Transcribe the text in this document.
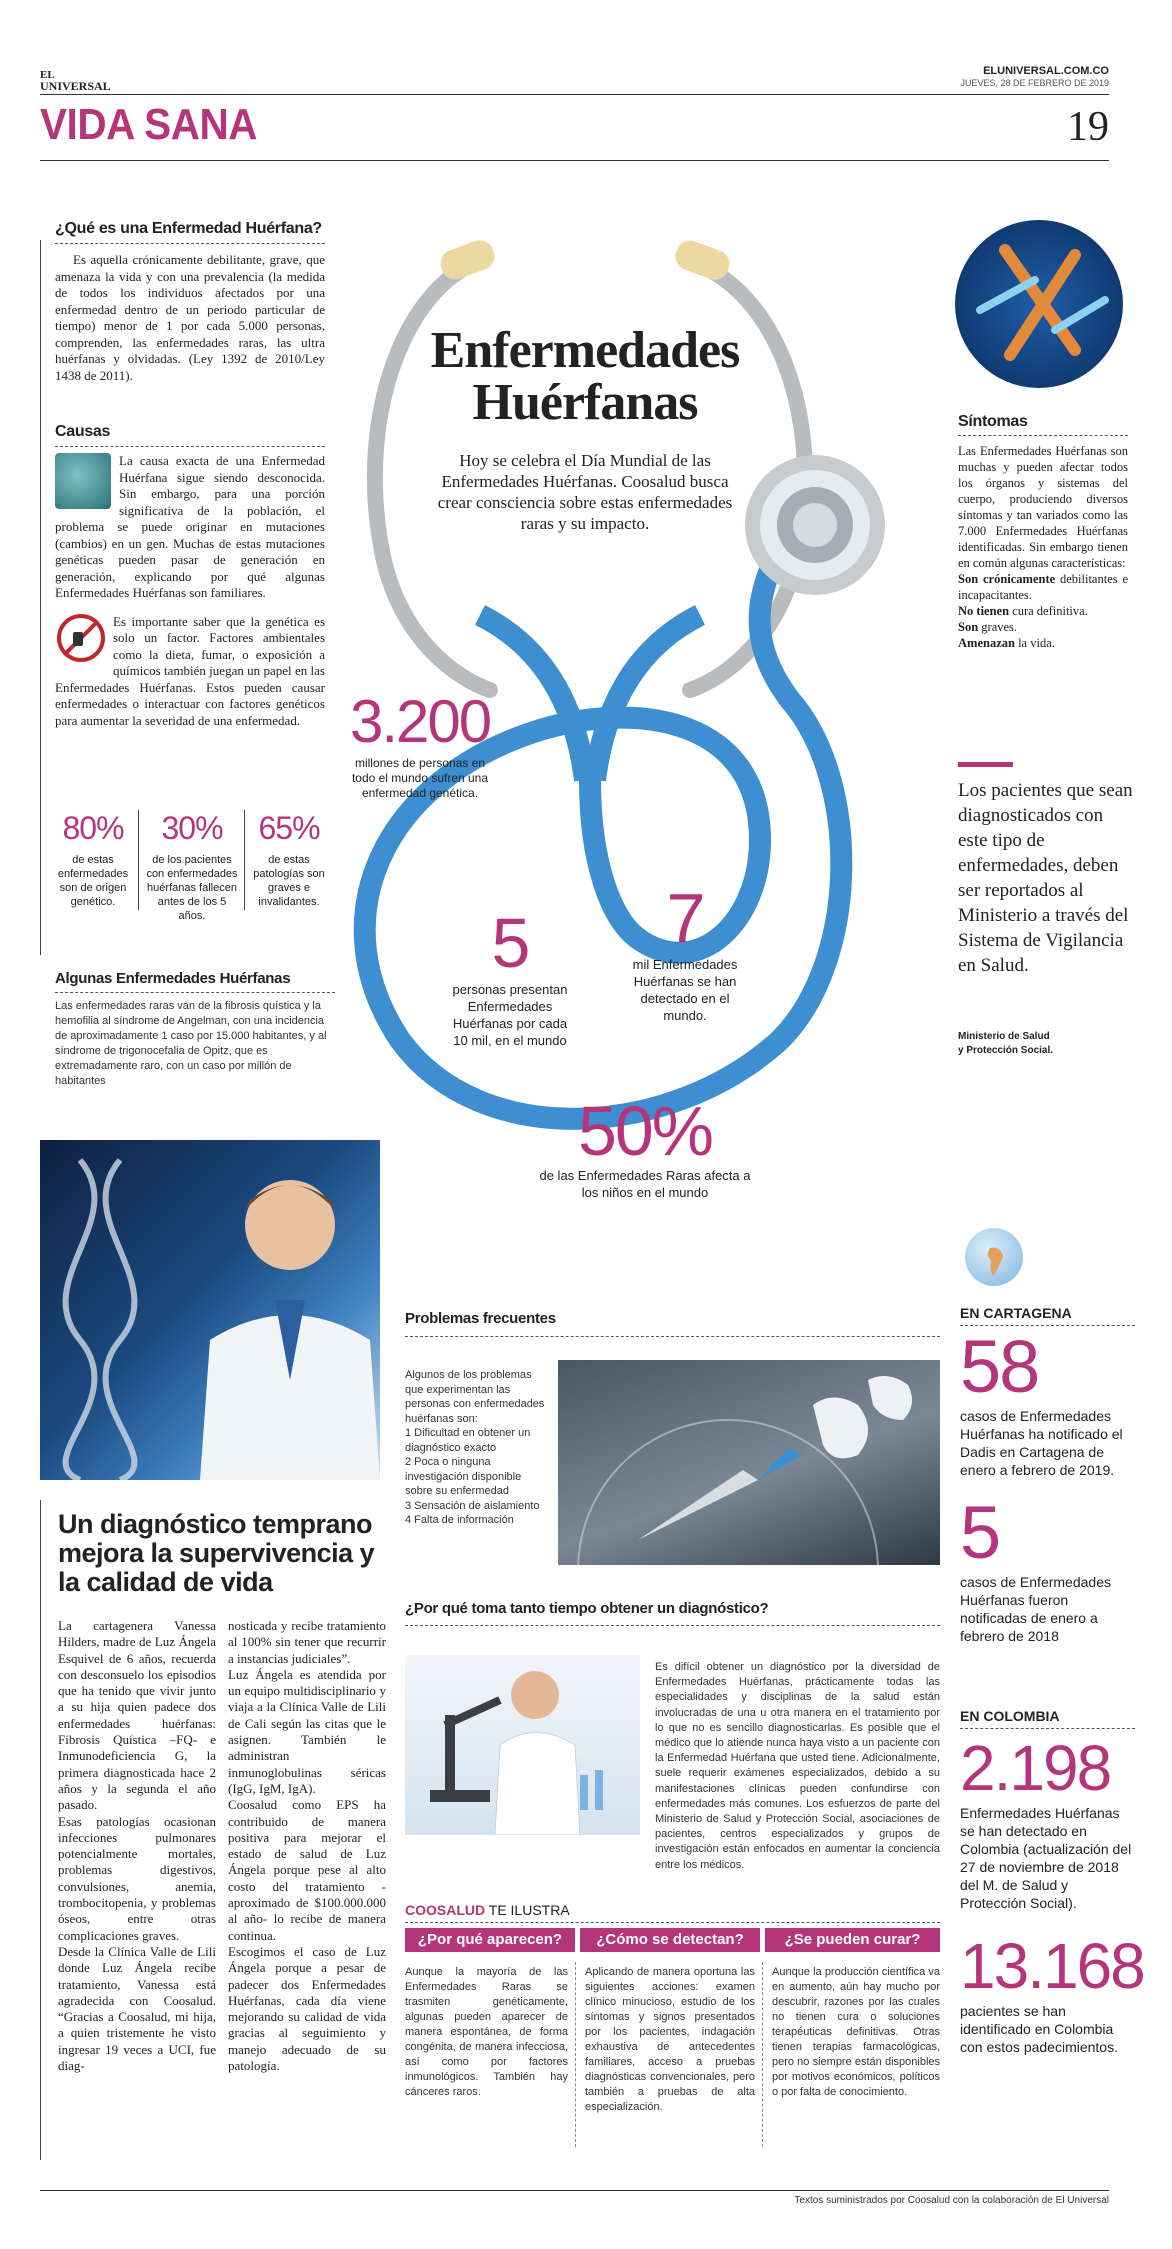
EL
UNIVERSAL
ELUNIVERSAL.COM.CO
JUEVES, 28 DE FEBRERO DE 2019
VIDA SANA	19
¿Qué es una Enfermedad Huérfana?
Es aquella crónicamente debilitante, grave, que amenaza la vida y con una prevalencia (la medida de todos los individuos afectados por una enfermedad dentro de un periodo particular de tiempo) menor de 1 por cada 5.000 personas, comprenden, las enfermedades raras, las ultra huérfanas y olvidadas. (Ley 1392 de 2010/Ley 1438 de 2011).
Causas
La causa exacta de una Enfermedad Huérfana sigue siendo desconocida. Sin embargo, para una porción significativa de la población, el problema se puede originar en mutaciones (cambios) en un gen. Muchas de estas mutaciones genéticas pueden pasar de generación en generación, explicando por qué algunas Enfermedades Huérfanas son familiares.
Es importante saber que la genética es solo un factor. Factores ambientales como la dieta, fumar, o exposición a químicos también juegan un papel en las Enfermedades Huérfanas. Estos pueden causar enfermedades o interactuar con factores genéticos para aumentar la severidad de una enfermedad.
80%
de estas enfermedades son de origen genético.
30%
de los pacientes con enfermedades huérfanas fallecen antes de los 5 años.
65%
de estas patologías son graves e invalidantes.
Algunas Enfermedades Huérfanas
Las enfermedades raras van de la fibrosis quística y la hemofilia al síndrome de Angelman, con una incidencia de aproximadamente 1 caso por 15.000 habitantes, y al síndrome de trigonocefalia de Opitz, que es extremadamente raro, con un caso por millón de habitantes
Un diagnóstico temprano mejora la supervivencia y la calidad de vida
La cartagenera Vanessa Hilders, madre de Luz Ángela Esquivel de 6 años, recuerda con desconsuelo los episodios que ha tenido que vivir junto a su hija quien padece dos enfermedades huérfanas: Fibrosis Quística –FQ- e Inmunodeficiencia G, la primera diagnosticada hace 2 años y la segunda el año pasado.
Esas patologías ocasionan infecciones pulmonares potencialmente mortales, problemas digestivos, convulsiones, anemia, trombocitopenia, y problemas óseos, entre otras complicaciones graves.
Desde la Clínica Valle de Lili donde Luz Ángela recibe tratamiento, Vanessa está agradecida con Coosalud. “Gracias a Coosalud, mi hija, a quien tristemente he visto ingresar 19 veces a UCI, fue diag-
nosticada y recibe tratamiento al 100% sin tener que recurrir a instancias judiciales”.
Luz Ángela es atendida por un equipo multidisciplinario y viaja a la Clínica Valle de Lili de Cali según las citas que le asignen. También le administran inmunoglobulinas séricas (IgG, IgM, IgA).
Coosalud como EPS ha contribuido de manera positiva para mejorar el estado de salud de Luz Ángela porque pese al alto costo del tratamiento -aproximado de $100.000.000 al año- lo recibe de manera continua.
Escogimos el caso de Luz Ángela porque a pesar de padecer dos Enfermedades Huérfanas, cada día viene mejorando su calidad de vida gracias al seguimiento y manejo adecuado de su patología.
Enfermedades
Huérfanas
Hoy se celebra el Día Mundial de las Enfermedades Huérfanas. Coosalud busca crear consciencia sobre estas enfermedades raras y su impacto.
3.200
millones de personas en todo el mundo sufren una enfermedad genética.
5
personas presentan Enfermedades Huérfanas por cada 10 mil, en el mundo
7
mil Enfermedades Huérfanas se han detectado en el mundo.
50%
de las Enfermedades Raras afecta a los niños en el mundo
Síntomas
Las Enfermedades Huérfanas son muchas y pueden afectar todos los órganos y sistemas del cuerpo, produciendo diversos síntomas y tan variados como las 7.000 Enfermedades Huérfanas identificadas. Sin embargo tienen en común algunas características:
Son crónicamente debilitantes e incapacitantes.
No tienen cura definitiva.
Son graves.
Amenazan la vida.
Los pacientes que sean diagnosticados con este tipo de enfermedades, deben ser reportados al Ministerio a través del Sistema de Vigilancia en Salud.
Ministerio de Salud
y Protección Social.
EN CARTAGENA
58
casos de Enfermedades Huérfanas ha notificado el Dadis en Cartagena de enero a febrero de 2019.
5
casos de Enfermedades Huérfanas fueron notificadas de enero a febrero de 2018
EN COLOMBIA
2.198
Enfermedades Huérfanas se han detectado en Colombia (actualización del 27 de noviembre de 2018 del M. de Salud y Protección Social).
13.168
pacientes se han identificado en Colombia con estos padecimientos.
Problemas frecuentes
Algunos de los problemas que experimentan las personas con enfermedades huérfanas son:
1 Dificultad en obtener un diagnóstico exacto
2 Poca o ninguna investigación disponible sobre su enfermedad
3 Sensación de aislamiento
4 Falta de información
¿Por qué toma tanto tiempo obtener un diagnóstico?
Es difícil obtener un diagnóstico por la diversidad de Enfermedades Huérfanas, prácticamente todas las especialidades y disciplinas de la salud están involucradas de una u otra manera en el tratamiento por lo que no es sencillo diagnosticarlas. Es posible que el médico que lo atiende nunca haya visto a un paciente con la Enfermedad Huérfana que usted tiene. Adicionalmente, suele requerir exámenes especializados, debido a su manifestaciones clínicas pueden confundirse con enfermedades más comunes. Los esfuerzos de parte del Ministerio de Salud y Protección Social, asociaciones de pacientes, centros especializados y grupos de investigación están enfocados en aumentar la conciencia entre los médicos.
COOSALUD TE ILUSTRA
¿Por qué aparecen?	¿Cómo se detectan?	¿Se pueden curar?
Aunque la mayoría de las Enfermedades Raras se trasmiten genéticamente, algunas pueden aparecer de manera espontánea, de forma congénita, de manera infecciosa, así como por factores inmunológicos. También hay cánceres raros.
Aplicando de manera oportuna las siguientes acciones: examen clínico minucioso, estudio de los síntomas y signos presentados por los pacientes, indagación exhaustiva de antecedentes familiares, acceso a pruebas diagnósticas convencionales, pero también a pruebas de alta especialización.
Aunque la producción científica va en aumento, aún hay mucho por descubrir, razones por las cuales no tienen cura o soluciones terapéuticas definitivas. Otras tienen terapias farmacológicas, pero no siempre están disponibles por motivos económicos, políticos o por falta de conocimiento.
Textos suministrados por Coosalud con la colaboración de El Universal
